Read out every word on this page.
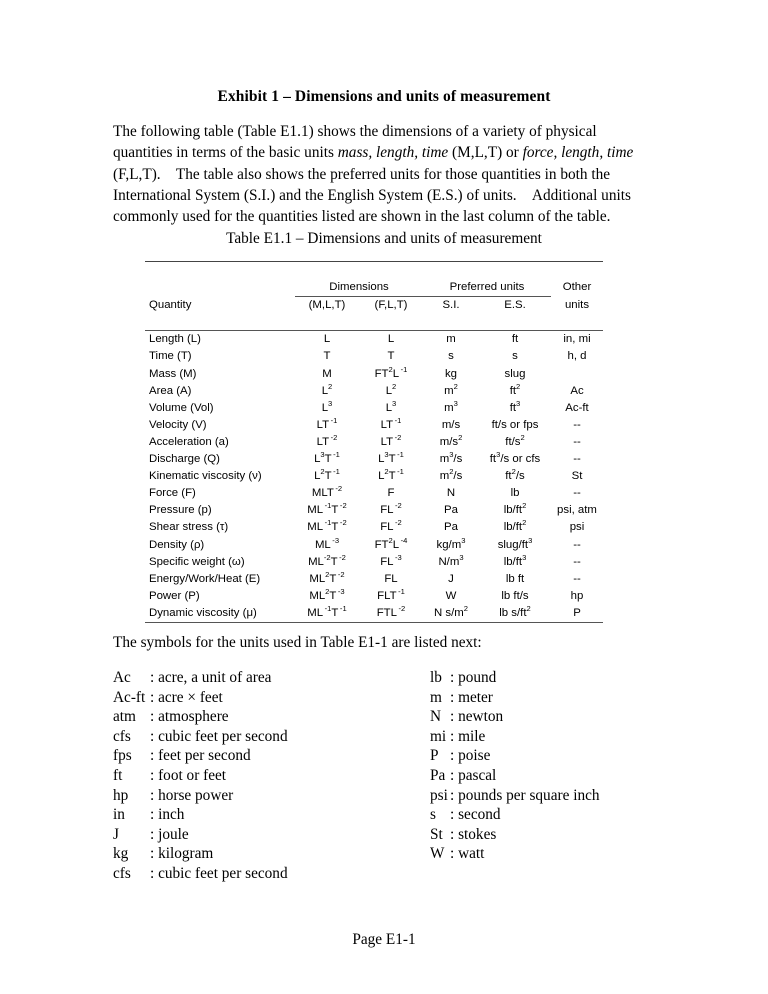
Exhibit 1 – Dimensions and units of measurement
The following table (Table E1.1) shows the dimensions of a variety of physical quantities in terms of the basic units mass, length, time (M,L,T) or force, length, time (F,L,T). The table also shows the preferred units for those quantities in both the International System (S.I.) and the English System (E.S.) of units. Additional units commonly used for the quantities listed are shown in the last column of the table.
Table E1.1 – Dimensions and units of measurement

	Dimensions		Preferred units		Other
Quantity	(M,L,T)	(F,L,T)	S.I.	E.S.	units

Length (L)	L	L	m	ft	in, mi
Time (T)	T	T	s	s	h, d
Mass (M)	M	$FT^2L$ $^{-1}$	kg	slug	
Area (A)	$L^2$	$L^2$	$m^2$	$ft^2$	Ac
Volume (Vol)	$L^3$	$L^3$	$m^3$	$ft^3$	Ac-ft
Velocity (V)	LT $^{-1}$	LT $^{-1}$	m/s	ft/s or fps	--
Acceleration (a)	LT $^{-2}$	LT $^{-2}$	$m/s^2$	$ft/s^2$	--
Discharge (Q)	$L^3T$ $^{-1}$	$L^3T$ $^{-1}$	$m^3/s$	$ft^3/s$ or cfs	--
Kinematic viscosity (ν)	$L^2T$ $^{-1}$	$L^2T$ $^{-1}$	$m^2/s$	$ft^2/s$	St
Force (F)	MLT $^{-2}$	F	N	lb	--
Pressure (p)	ML $^{-1}$T $^{-2}$	FL $^{-2}$	Pa	$lb/ft^2$	psi, atm
Shear stress (τ)	ML $^{-1}$T $^{-2}$	FL $^{-2}$	Pa	$lb/ft^2$	psi
Density (ρ)	ML $^{-3}$	$FT^2L$ $^{-4}$	$kg/m^3$	slug/$ft^3$	--
Specific weight (ω)	$ML^{-2}T$ $^{-2}$	FL $^{-3}$	$N/m^3$	$lb/ft^3$	--
Energy/Work/Heat (E)	$ML^2T$ $^{-2}$	FL	J	lb ft	--
Power (P)	$ML^2T$ $^{-3}$	FLT $^{-1}$	W	lb ft/s	hp
Dynamic viscosity (μ)	ML $^{-1}$T $^{-1}$	FTL $^{-2}$	N $s/m^2$	lb $s/ft^2$	P

The symbols for the units used in Table E1-1 are listed next:
Ac	: acre, a unit of area
Ac-ft : acre × feet
atm	: atmosphere
cfs	: cubic feet per second
fps	: feet per second
ft	: foot or feet
hp	: horse power
in	: inch
J	: joule
kg	: kilogram
cfs	: cubic feet per second
lb	: pound
m	: meter
N	: newton
mi : mile
P	: poise
Pa : pascal
psi : pounds per square inch
s	: second
St	: stokes
W : watt
Page E1-1
